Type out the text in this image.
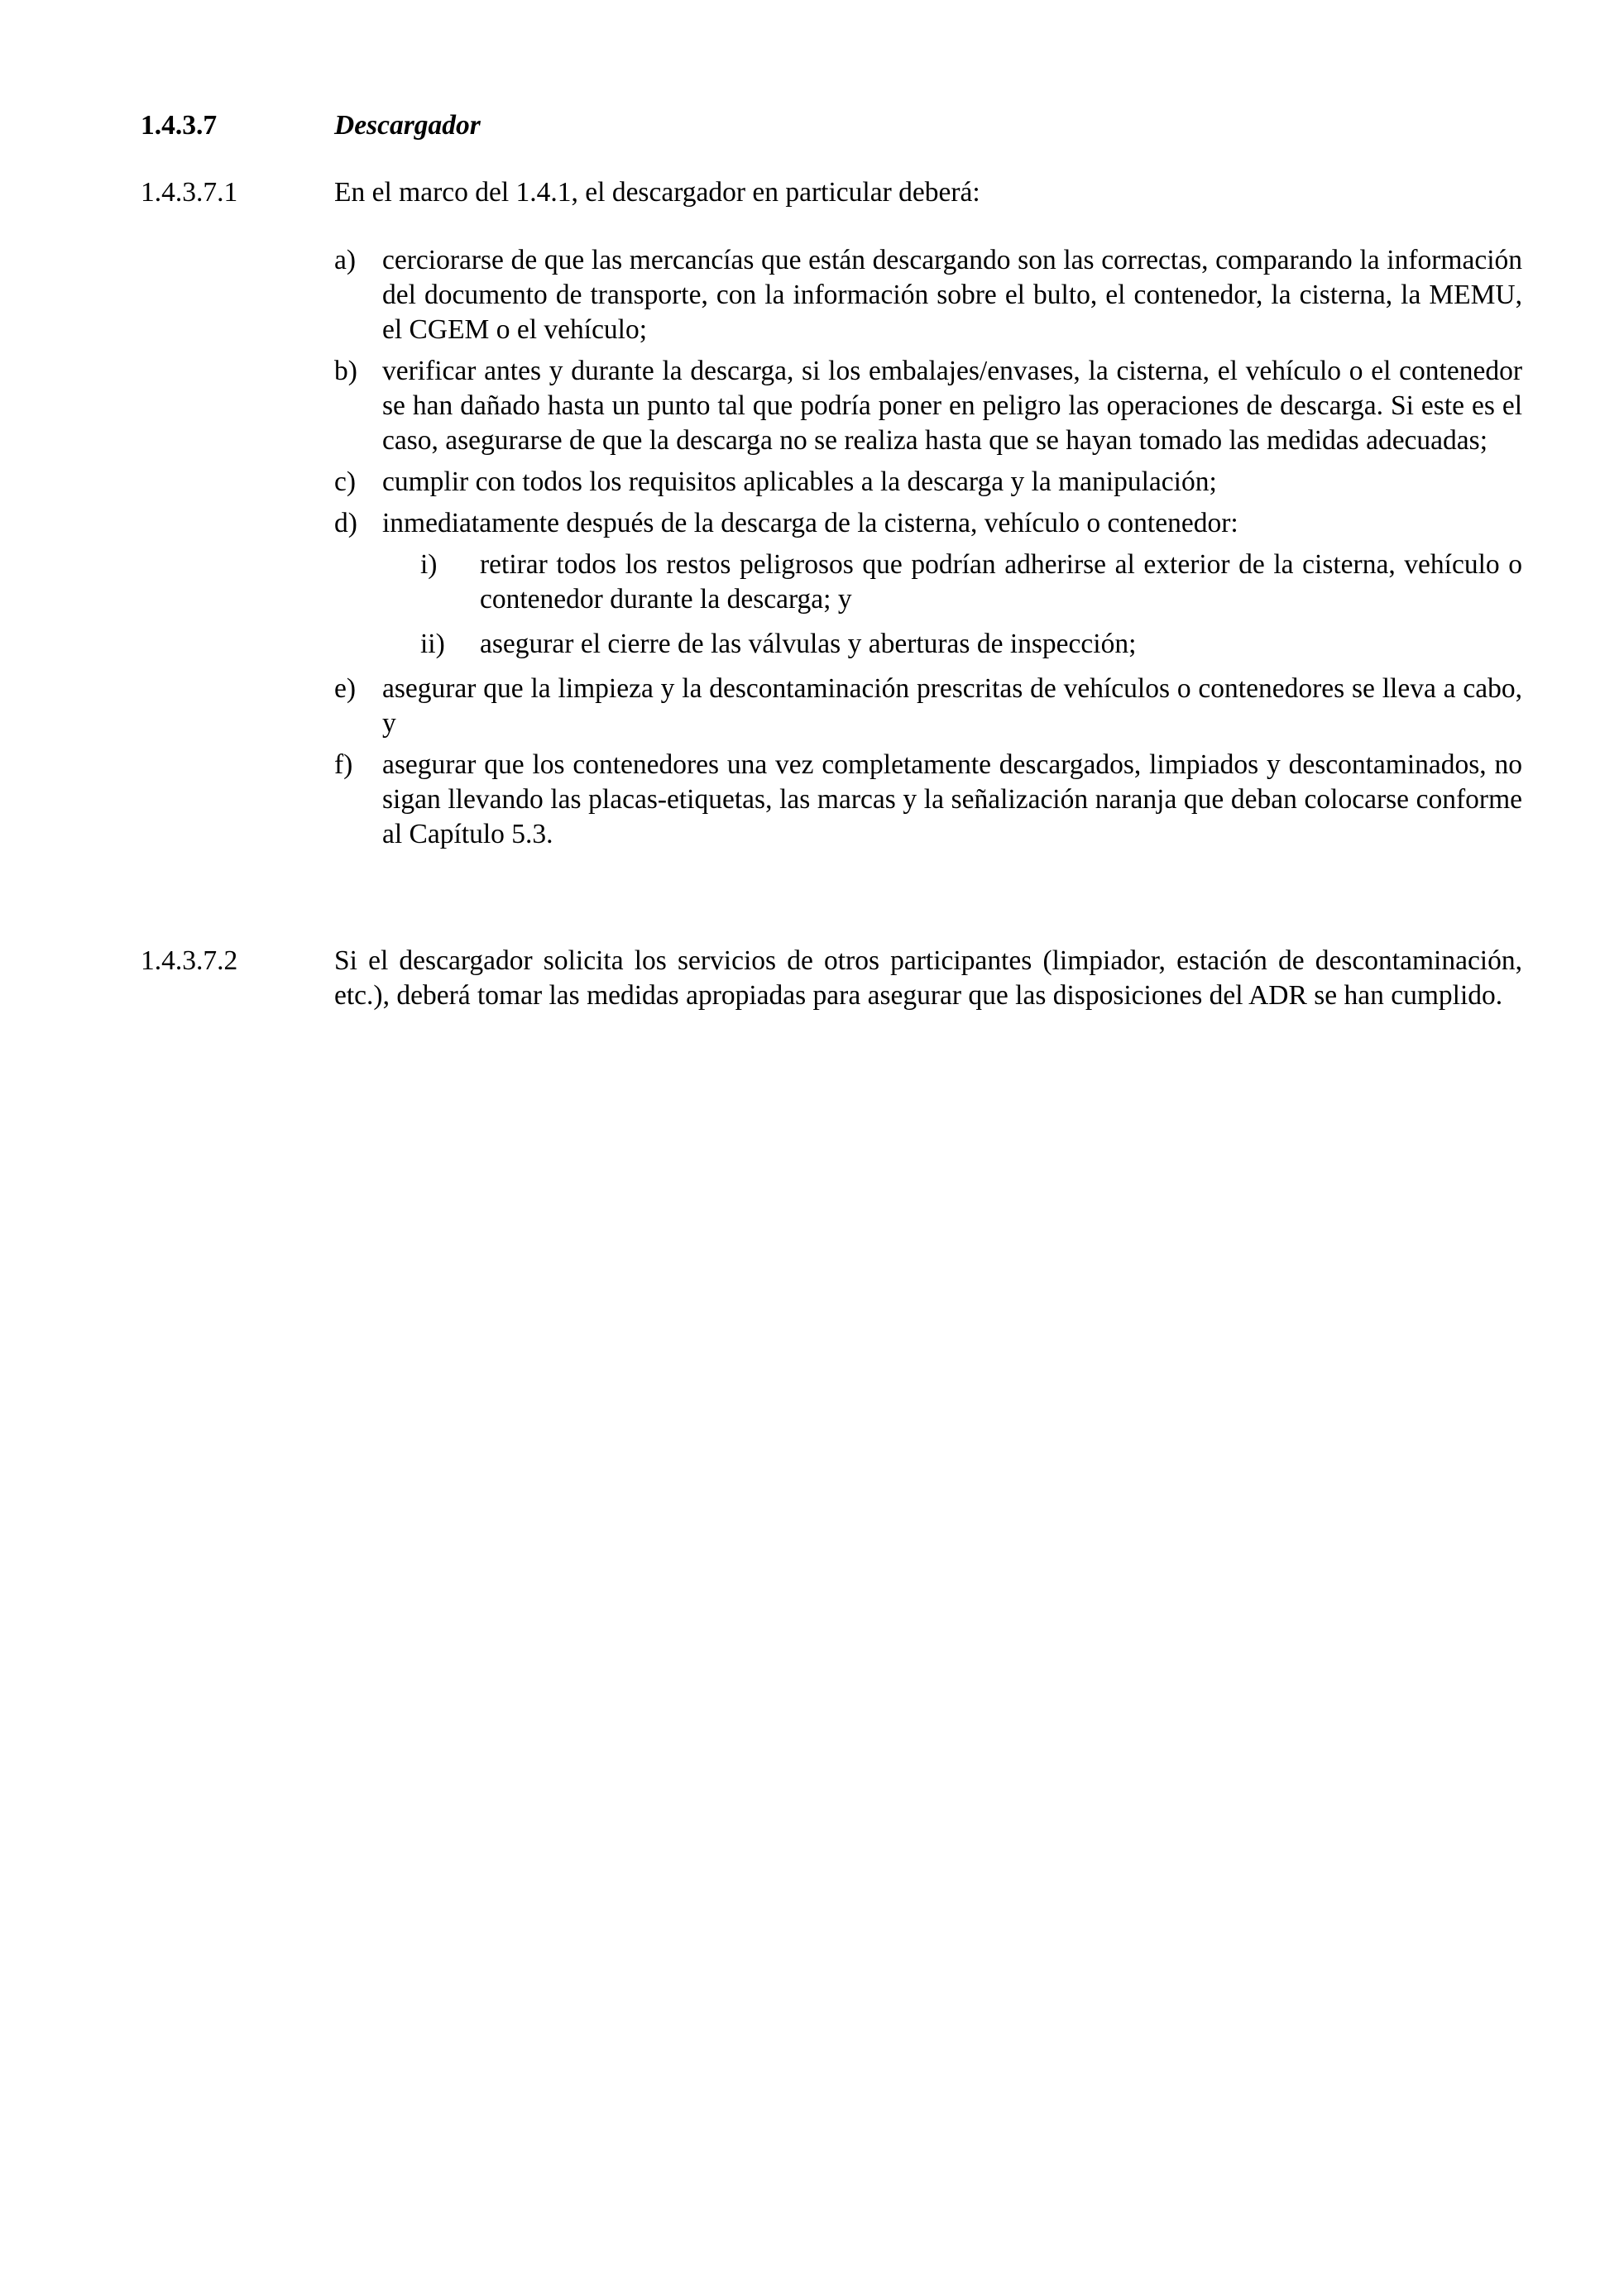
1.4.3.7	Descargador
1.4.3.7.1	En el marco del 1.4.1, el descargador en particular deberá:

a) cerciorarse de que las mercancías que están descargando son las correctas, comparando la información del documento de transporte, con la información sobre el bulto, el contenedor, la cisterna, la MEMU, el CGEM o el vehículo;
b) verificar antes y durante la descarga, si los embalajes/envases, la cisterna, el vehículo o el contenedor se han dañado hasta un punto tal que podría poner en peligro las operaciones de descarga. Si este es el caso, asegurarse de que la descarga no se realiza hasta que se hayan tomado las medidas adecuadas;
c) cumplir con todos los requisitos aplicables a la descarga y la manipulación;
d) inmediatamente después de la descarga de la cisterna, vehículo o contenedor:
i) retirar todos los restos peligrosos que podrían adherirse al exterior de la cisterna, vehículo o contenedor durante la descarga; y
ii) asegurar el cierre de las válvulas y aberturas de inspección;
e) asegurar que la limpieza y la descontaminación prescritas de vehículos o contenedores se lleva a cabo, y
f) asegurar que los contenedores una vez completamente descargados, limpiados y descontaminados, no sigan llevando las placas-etiquetas, las marcas y la señalización naranja que deban colocarse conforme al Capítulo 5.3.
1.4.3.7.2	Si el descargador solicita los servicios de otros participantes (limpiador, estación de descontaminación, etc.), deberá tomar las medidas apropiadas para asegurar que las disposiciones del ADR se han cumplido.
